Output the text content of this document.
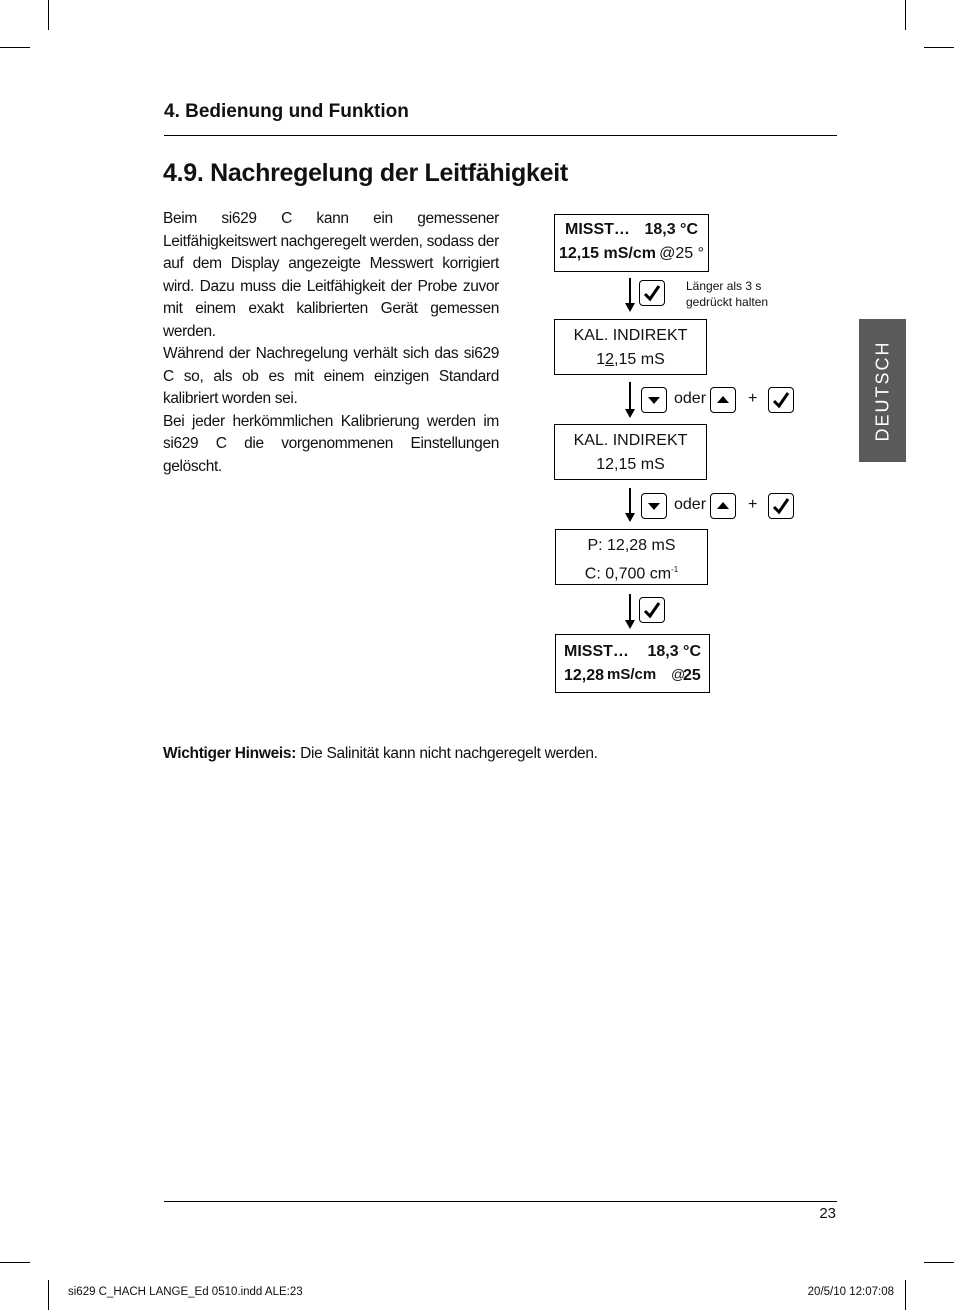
4. Bedienung und Funktion
4.9. Nachregelung der Leitfähigkeit

Beim si629 C kann ein gemessener Leitfähigkeitswert nachgeregelt werden, sodass der auf dem Display angezeigte Messwert korrigiert wird. Dazu muss die Leitfähigkeit der Probe zuvor mit einem exakt kalibrierten Gerät gemessen werden.

Während der Nachregelung verhält sich das si629 C so, als ob es mit einem einzigen Standard kalibriert worden sei.

Bei jeder herkömmlichen Kalibrierung werden im si629 C die vorgenommenen Einstellungen gelöscht.

DEUTSCH
MISST… 18,3 °C
12,15 mS/cm @25 °
Länger als 3 s
gedrückt halten
KAL. INDIREKT
12,15 mS
oder	+
KAL. INDIREKT
12,15 mS
oder	+
P: 12,28 mS
C: 0,700 $cm^{-1}$
MISST… 18,3 °C
12,28 mS/cm @
25
Wichtiger Hinweis: Die Salinität kann nicht nachgeregelt werden.
23
si629 C_HACH LANGE_Ed 0510.indd ALE:23	20/5/10 12:07:08
